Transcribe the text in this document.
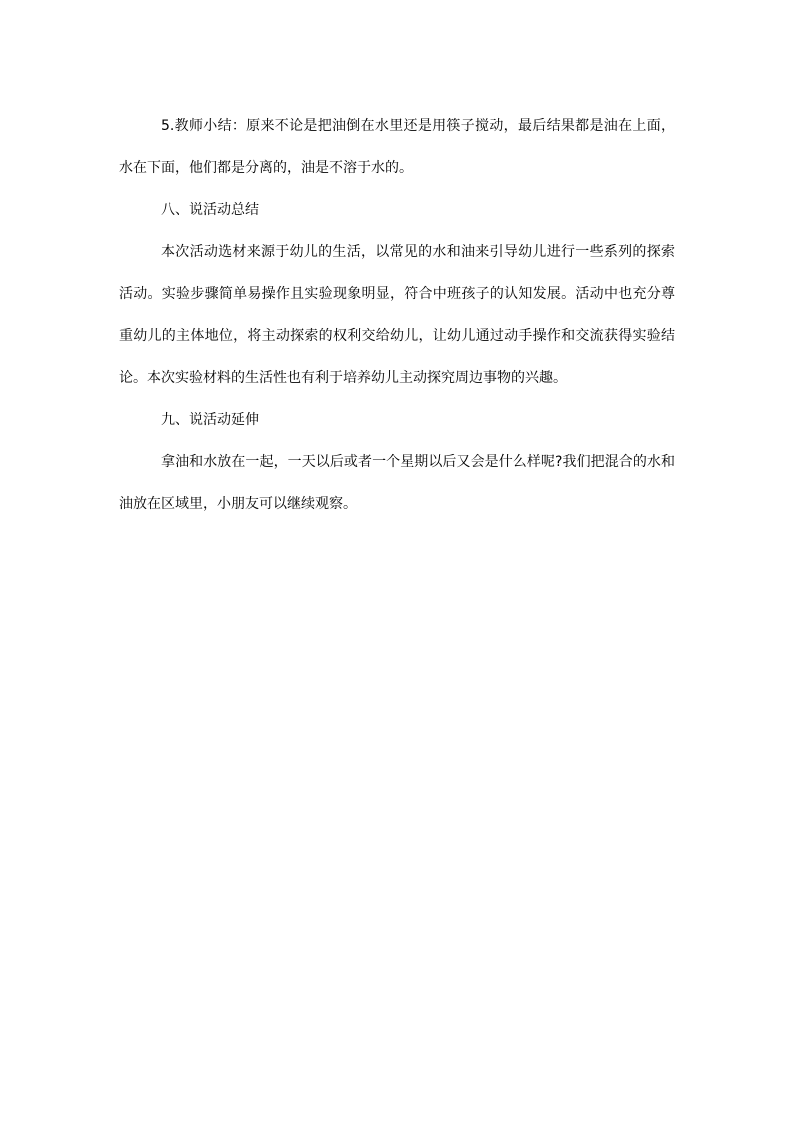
5.教师小结：原来不论是把油倒在水里还是用筷子搅动，最后结果都是油在上面，水在下面，他们都是分离的，油是不溶于水的。

八、说活动总结

本次活动选材来源于幼儿的生活，以常见的水和油来引导幼儿进行一些系列的探索活动。实验步骤简单易操作且实验现象明显，符合中班孩子的认知发展。活动中也充分尊重幼儿的主体地位，将主动探索的权利交给幼儿，让幼儿通过动手操作和交流获得实验结论。本次实验材料的生活性也有利于培养幼儿主动探究周边事物的兴趣。

九、说活动延伸

拿油和水放在一起，一天以后或者一个星期以后又会是什么样呢?我们把混合的水和油放在区域里，小朋友可以继续观察。
